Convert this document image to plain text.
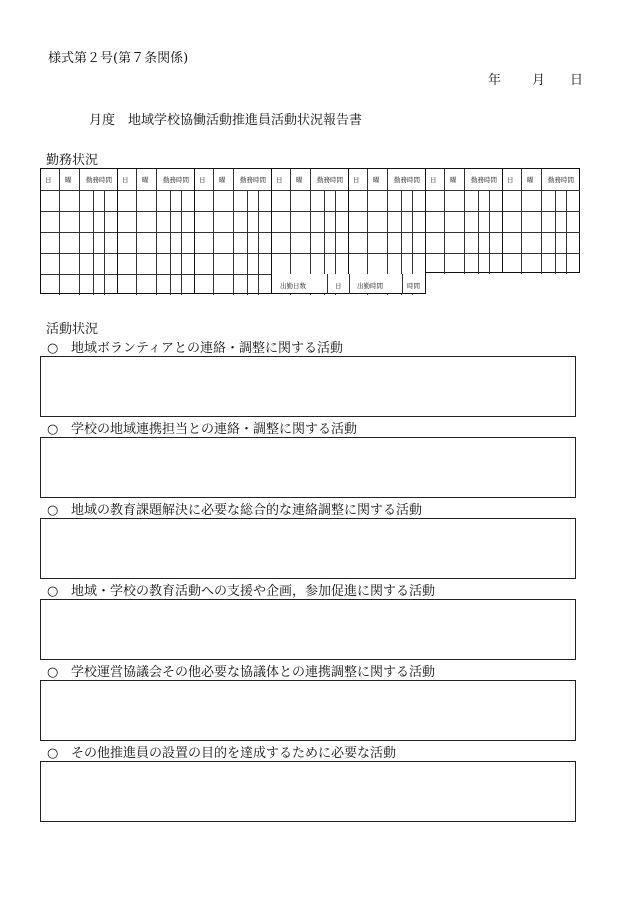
様式第２号(第７条関係)
年 月 日
月度　地域学校協働活動推進員活動状況報告書
勤務状況
日 曜 勤務時間 日 曜 勤務時間 日 曜 勤務時間 日 曜 勤務時間 日 曜 勤務時間 日 曜 勤務時間 日 曜 勤務時間
出勤日数	日 出勤時間	時間
活動状況
○ 地域ボランティアとの連絡・調整に関する活動
○ 学校の地域連携担当との連絡・調整に関する活動
○ 地域の教育課題解決に必要な総合的な連絡調整に関する活動
○ 地域・学校の教育活動への支援や企画，参加促進に関する活動
○ 学校運営協議会その他必要な協議体との連携調整に関する活動
○ その他推進員の設置の目的を達成するために必要な活動
